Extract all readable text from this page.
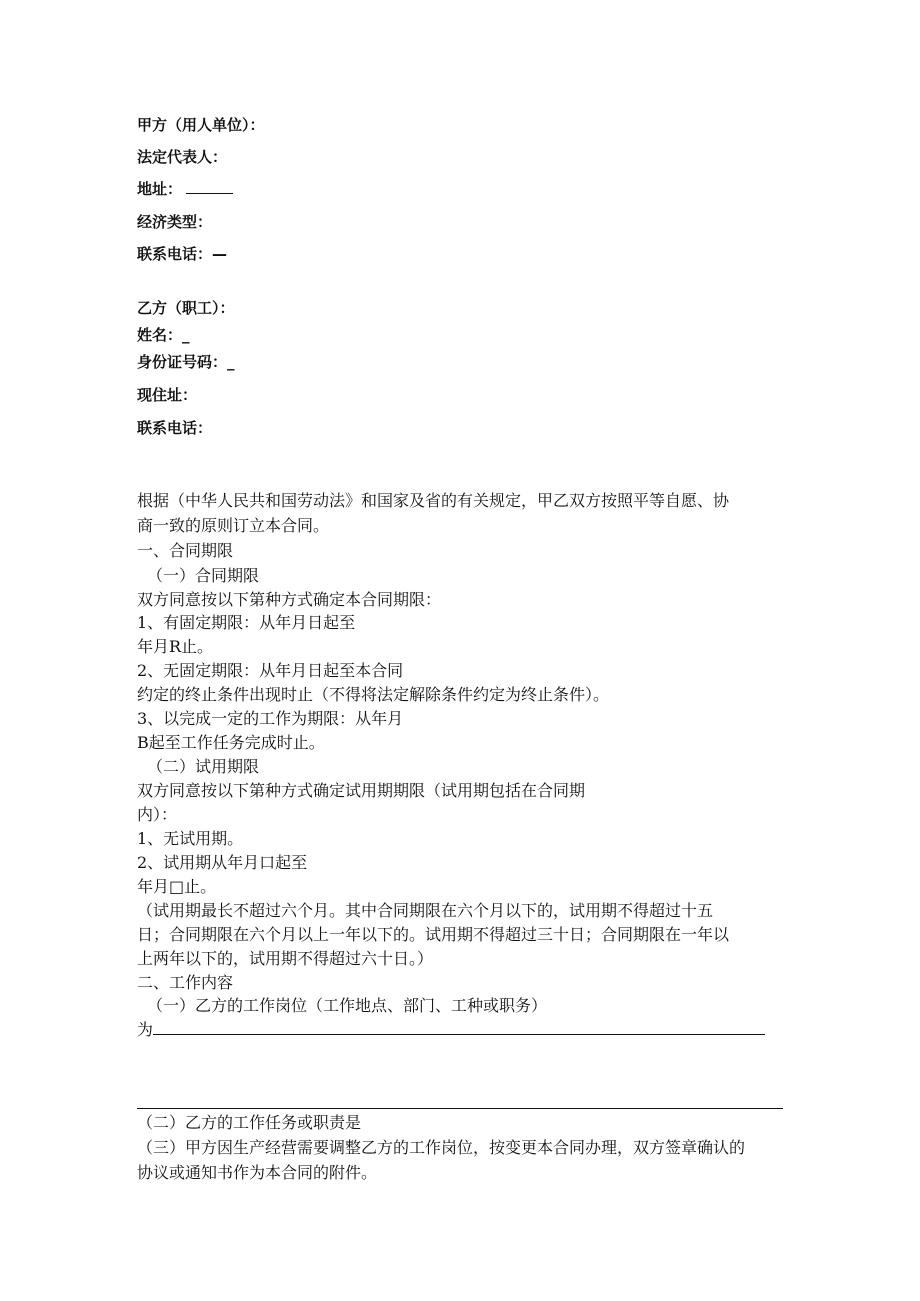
甲方（用人单位）：
法定代表人：
地址：
经济类型：
联系电话：—
乙方（职工）：
姓名：_
身份证号码：_
现住址：
联系电话：
根据（中华人民共和国劳动法》和国家及省的有关规定，甲乙双方按照平等自愿、协
商一致的原则订立本合同。
一、合同期限
（一）合同期限
双方同意按以下第种方式确定本合同期限：
1、有固定期限：从年月日起至
年月R止。
2、无固定期限：从年月日起至本合同
约定的终止条件出现时止（不得将法定解除条件约定为终止条件）。
3、以完成一定的工作为期限：从年月
B起至工作任务完成时止。
（二）试用期限
双方同意按以下第种方式确定试用期期限（试用期包括在合同期
内）：
1、无试用期。
2、试用期从年月口起至
年月□止。
（试用期最长不超过六个月。其中合同期限在六个月以下的，试用期不得超过十五
日；合同期限在六个月以上一年以下的。试用期不得超过三十日；合同期限在一年以
上两年以下的，试用期不得超过六十日。）
二、工作内容
（一）乙方的工作岗位（工作地点、部门、工种或职务）
为
（二）乙方的工作任务或职责是
（三）甲方因生产经营需要调整乙方的工作岗位，按变更本合同办理，双方签章确认的
协议或通知书作为本合同的附件。
